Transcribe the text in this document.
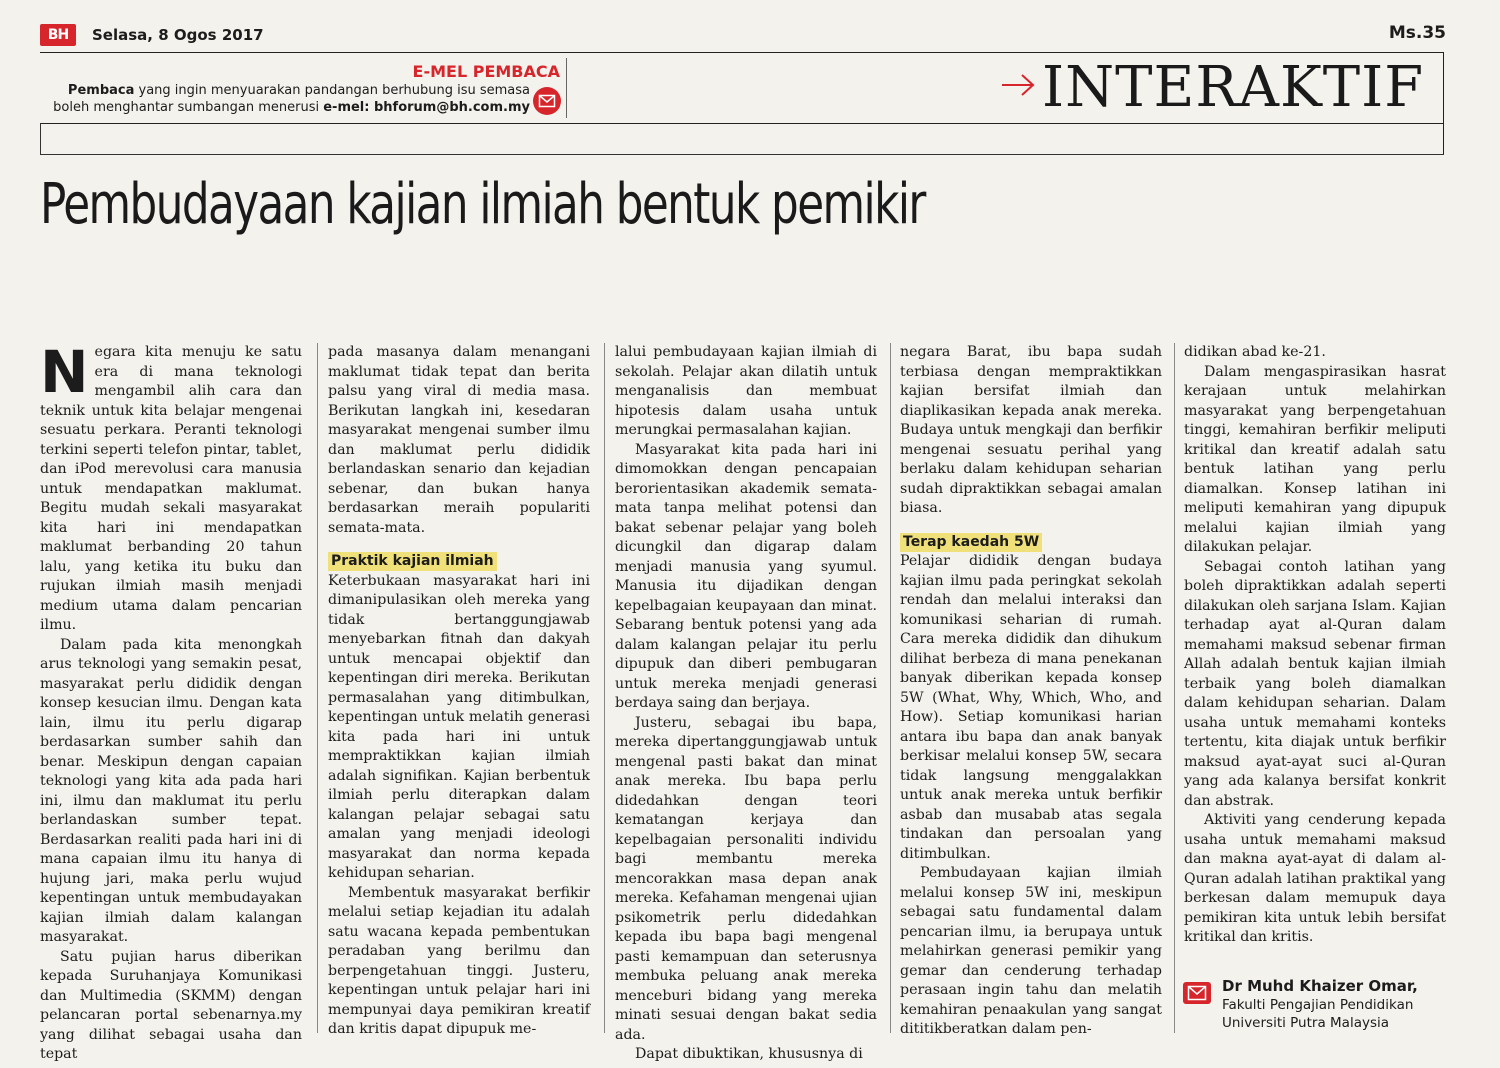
BH	Selasa, 8 Ogos 2017	Ms.35
E-MEL PEMBACA
Pembaca yang ingin menyuarakan pandangan berhubung isu semasa
boleh menghantar sumbangan menerusi e-mel: bhforum@bh.com.my	INTERAKTIF
Pembudayaan kajian ilmiah bentuk pemikir

Negara kita menuju ke satu era di mana teknologi mengambil alih cara dan teknik untuk kita belajar mengenai sesuatu perkara. Peranti teknologi terkini seperti telefon pintar, tablet, dan iPod merevolusi cara manusia untuk mendapatkan maklumat. Begitu mudah sekali masyarakat kita hari ini mendapatkan maklumat berbanding 20 tahun lalu, yang ketika itu buku dan rujukan ilmiah masih menjadi medium utama dalam pencarian ilmu.

Dalam pada kita menongkah arus teknologi yang semakin pesat, masyarakat perlu dididik dengan konsep kesucian ilmu. Dengan kata lain, ilmu itu perlu digarap berdasarkan sumber sahih dan benar. Meskipun dengan capaian teknologi yang kita ada pada hari ini, ilmu dan maklumat itu perlu berlandaskan sumber tepat. Berdasarkan realiti pada hari ini di mana capaian ilmu itu hanya di hujung jari, maka perlu wujud kepentingan untuk membudayakan kajian ilmiah dalam kalangan masyarakat.

Satu pujian harus diberikan kepada Suruhanjaya Komunikasi dan Multimedia (SKMM) dengan pelancaran portal sebenarnya.my yang dilihat sebagai usaha dan tepat

pada masanya dalam menangani maklumat tidak tepat dan berita palsu yang viral di media masa. Berikutan langkah ini, kesedaran masyarakat mengenai sumber ilmu dan maklumat perlu dididik berlandaskan senario dan kejadian sebenar, dan bukan hanya berdasarkan meraih populariti semata-mata.

Praktik kajian ilmiah

Keterbukaan masyarakat hari ini dimanipulasikan oleh mereka yang tidak bertanggungjawab menyebarkan fitnah dan dakyah untuk mencapai objektif dan kepentingan diri mereka. Berikutan permasalahan yang ditimbulkan, kepentingan untuk melatih generasi kita pada hari ini untuk mempraktikkan kajian ilmiah adalah signifikan. Kajian berbentuk ilmiah perlu diterapkan dalam kalangan pelajar sebagai satu amalan yang menjadi ideologi masyarakat dan norma kepada kehidupan seharian.

Membentuk masyarakat berfikir melalui setiap kejadian itu adalah satu wacana kepada pembentukan peradaban yang berilmu dan berpengetahuan tinggi. Justeru, kepentingan untuk pelajar hari ini mempunyai daya pemikiran kreatif dan kritis dapat dipupuk me-

lalui pembudayaan kajian ilmiah di sekolah. Pelajar akan dilatih untuk menganalisis dan membuat hipotesis dalam usaha untuk merungkai permasalahan kajian.

Masyarakat kita pada hari ini dimomokkan dengan pencapaian berorientasikan akademik semata-mata tanpa melihat potensi dan bakat sebenar pelajar yang boleh dicungkil dan digarap dalam menjadi manusia yang syumul. Manusia itu dijadikan dengan kepelbagaian keupayaan dan minat. Sebarang bentuk potensi yang ada dalam kalangan pelajar itu perlu dipupuk dan diberi pembugaran untuk mereka menjadi generasi berdaya saing dan berjaya.

Justeru, sebagai ibu bapa, mereka dipertanggungjawab untuk mengenal pasti bakat dan minat anak mereka. Ibu bapa perlu didedahkan dengan teori kematangan kerjaya dan kepelbagaian personaliti individu bagi membantu mereka mencorakkan masa depan anak mereka. Kefahaman mengenai ujian psikometrik perlu didedahkan kepada ibu bapa bagi mengenal pasti kemampuan dan seterusnya membuka peluang anak mereka menceburi bidang yang mereka minati sesuai dengan bakat sedia ada.

Dapat dibuktikan, khususnya di

negara Barat, ibu bapa sudah terbiasa dengan mempraktikkan kajian bersifat ilmiah dan diaplikasikan kepada anak mereka. Budaya untuk mengkaji dan berfikir mengenai sesuatu perihal yang berlaku dalam kehidupan seharian sudah dipraktikkan sebagai amalan biasa.

Terap kaedah 5W

Pelajar dididik dengan budaya kajian ilmu pada peringkat sekolah rendah dan melalui interaksi dan komunikasi seharian di rumah. Cara mereka dididik dan dihukum dilihat berbeza di mana penekanan banyak diberikan kepada konsep 5W (What, Why, Which, Who, and How). Setiap komunikasi harian antara ibu bapa dan anak banyak berkisar melalui konsep 5W, secara tidak langsung menggalakkan untuk anak mereka untuk berfikir asbab dan musabab atas segala tindakan dan persoalan yang ditimbulkan.

Pembudayaan kajian ilmiah melalui konsep 5W ini, meskipun sebagai satu fundamental dalam pencarian ilmu, ia berupaya untuk melahirkan generasi pemikir yang gemar dan cenderung terhadap perasaan ingin tahu dan melatih kemahiran penaakulan yang sangat dititikberatkan dalam pen-

didikan abad ke-21.

Dalam mengaspirasikan hasrat kerajaan untuk melahirkan masyarakat yang berpengetahuan tinggi, kemahiran berfikir meliputi kritikal dan kreatif adalah satu bentuk latihan yang perlu diamalkan. Konsep latihan ini meliputi kemahiran yang dipupuk melalui kajian ilmiah yang dilakukan pelajar.

Sebagai contoh latihan yang boleh dipraktikkan adalah seperti dilakukan oleh sarjana Islam. Kajian terhadap ayat al-Quran dalam memahami maksud sebenar firman Allah adalah bentuk kajian ilmiah terbaik yang boleh diamalkan dalam kehidupan seharian. Dalam usaha untuk memahami konteks tertentu, kita diajak untuk berfikir maksud ayat-ayat suci al-Quran yang ada kalanya bersifat konkrit dan abstrak.

Aktiviti yang cenderung kepada usaha untuk memahami maksud dan makna ayat-ayat di dalam al-Quran adalah latihan praktikal yang berkesan dalam memupuk daya pemikiran kita untuk lebih bersifat kritikal dan kritis.

Dr Muhd Khaizer Omar,
Fakulti Pengajian Pendidikan
Universiti Putra Malaysia
